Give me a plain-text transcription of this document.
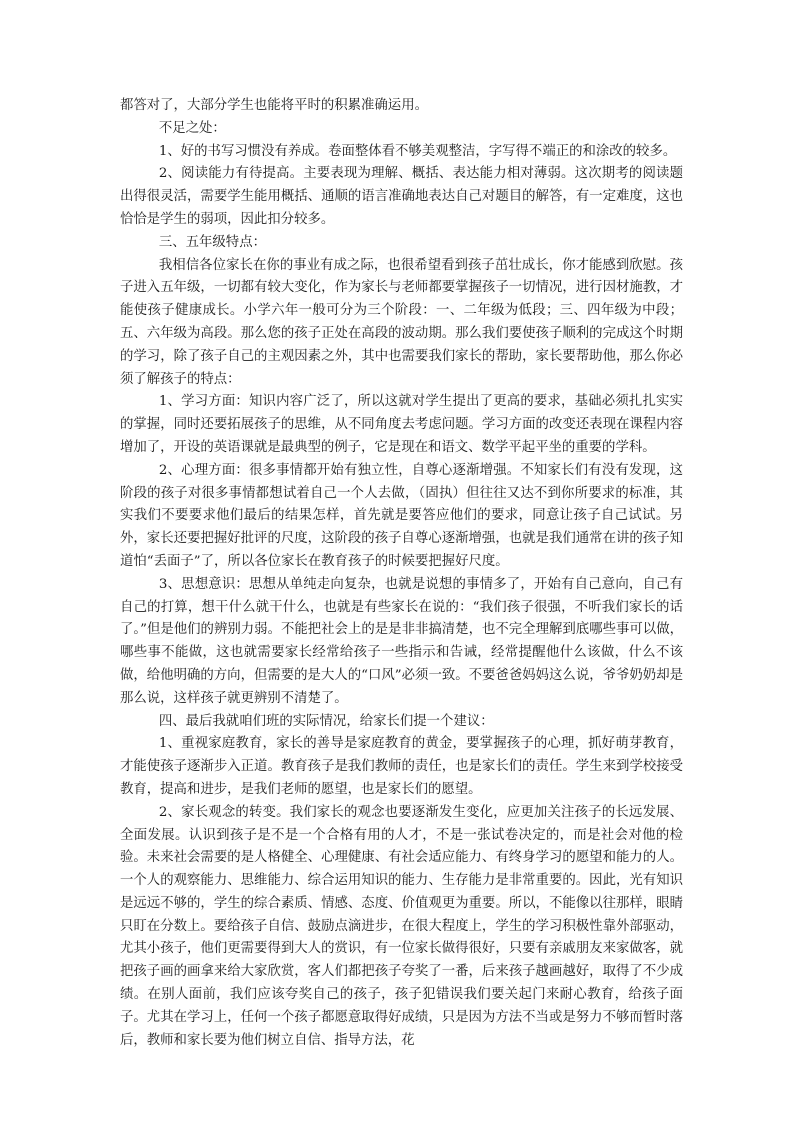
都答对了，大部分学生也能将平时的积累准确运用。

不足之处：

1、好的书写习惯没有养成。卷面整体看不够美观整洁，字写得不端正的和涂改的较多。

2、阅读能力有待提高。主要表现为理解、概括、表达能力相对薄弱。这次期考的阅读题出得很灵活，需要学生能用概括、通顺的语言准确地表达自己对题目的解答，有一定难度，这也恰恰是学生的弱项，因此扣分较多。

三、五年级特点：

我相信各位家长在你的事业有成之际，也很希望看到孩子茁壮成长，你才能感到欣慰。孩子进入五年级，一切都有较大变化，作为家长与老师都要掌握孩子一切情况，进行因材施教，才能使孩子健康成长。小学六年一般可分为三个阶段：一、二年级为低段；三、四年级为中段；五、六年级为高段。那么您的孩子正处在高段的波动期。那么我们要使孩子顺利的完成这个时期的学习，除了孩子自己的主观因素之外，其中也需要我们家长的帮助，家长要帮助他，那么你必须了解孩子的特点：

1、学习方面：知识内容广泛了，所以这就对学生提出了更高的要求，基础必须扎扎实实的掌握，同时还要拓展孩子的思维，从不同角度去考虑问题。学习方面的改变还表现在课程内容增加了，开设的英语课就是最典型的例子，它是现在和语文、数学平起平坐的重要的学科。

2、心理方面：很多事情都开始有独立性，自尊心逐渐增强。不知家长们有没有发现，这阶段的孩子对很多事情都想试着自己一个人去做，（固执）但往往又达不到你所要求的标准，其实我们不要要求他们最后的结果怎样，首先就是要答应他们的要求，同意让孩子自己试试。另外，家长还要把握好批评的尺度，这阶段的孩子自尊心逐渐增强，也就是我们通常在讲的孩子知道怕“丢面子”了，所以各位家长在教育孩子的时候要把握好尺度。

3、思想意识：思想从单纯走向复杂，也就是说想的事情多了，开始有自己意向，自己有自己的打算，想干什么就干什么，也就是有些家长在说的：“我们孩子很强，不听我们家长的话了。”但是他们的辨别力弱。不能把社会上的是是非非搞清楚，也不完全理解到底哪些事可以做，哪些事不能做，这也就需要家长经常给孩子一些指示和告诫，经常提醒他什么该做，什么不该做，给他明确的方向，但需要的是大人的“口风”必须一致。不要爸爸妈妈这么说，爷爷奶奶却是那么说，这样孩子就更辨别不清楚了。

四、最后我就咱们班的实际情况，给家长们提一个建议：

1、重视家庭教育，家长的善导是家庭教育的黄金，要掌握孩子的心理，抓好萌芽教育，才能使孩子逐渐步入正道。教育孩子是我们教师的责任，也是家长们的责任。学生来到学校接受教育，提高和进步，是我们老师的愿望，也是家长们的愿望。

2、家长观念的转变。我们家长的观念也要逐渐发生变化，应更加关注孩子的长远发展、全面发展。认识到孩子是不是一个合格有用的人才，不是一张试卷决定的，而是社会对他的检验。未来社会需要的是人格健全、心理健康、有社会适应能力、有终身学习的愿望和能力的人。一个人的观察能力、思维能力、综合运用知识的能力、生存能力是非常重要的。因此，光有知识是远远不够的，学生的综合素质、情感、态度、价值观更为重要。所以，不能像以往那样，眼睛只盯在分数上。要给孩子自信、鼓励点滴进步，在很大程度上，学生的学习积极性靠外部驱动，尤其小孩子，他们更需要得到大人的赏识，有一位家长做得很好，只要有亲戚朋友来家做客，就把孩子画的画拿来给大家欣赏，客人们都把孩子夸奖了一番，后来孩子越画越好，取得了不少成绩。在别人面前，我们应该夸奖自己的孩子，孩子犯错误我们要关起门来耐心教育，给孩子面子。尤其在学习上，任何一个孩子都愿意取得好成绩，只是因为方法不当或是努力不够而暂时落后，教师和家长要为他们树立自信、指导方法，花
